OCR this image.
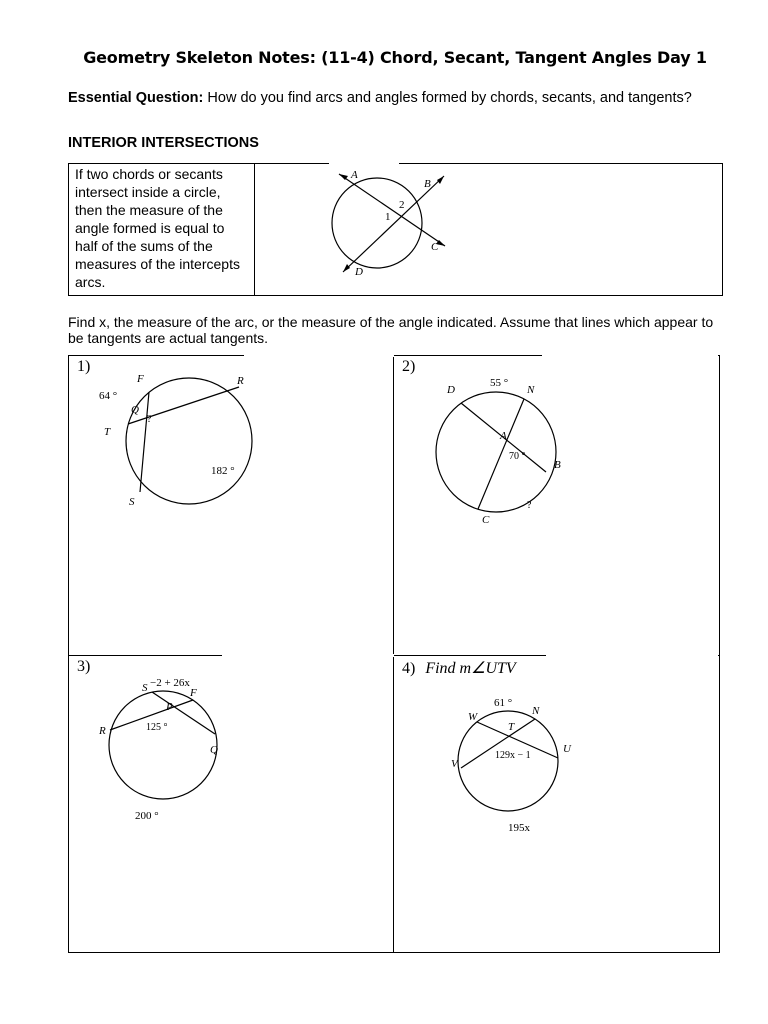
Geometry Skeleton Notes: (11-4) Chord, Secant, Tangent Angles Day 1
Essential Question: How do you find arcs and angles formed by chords, secants, and tangents?
INTERIOR INTERSECTIONS
If two chords or secants intersect inside a circle, then the measure of the angle formed is equal to half of the sums of the measures of the intercepts arcs.
A
B
C
D
1
2
Find x, the measure of the arc, or the measure of the angle indicated. Assume that lines which appear to be tangents are actual tangents.
1)
F	R
Q
?
T
S
64 °
182 °
2)
D	N
A
B
C
55 °
70 °
?
3)
S −2 + 26x
F
P
R
Q
125 °
200 °
4) Find m∠UTV
61 °
W	N
T
U
V
129x − 1
195x
